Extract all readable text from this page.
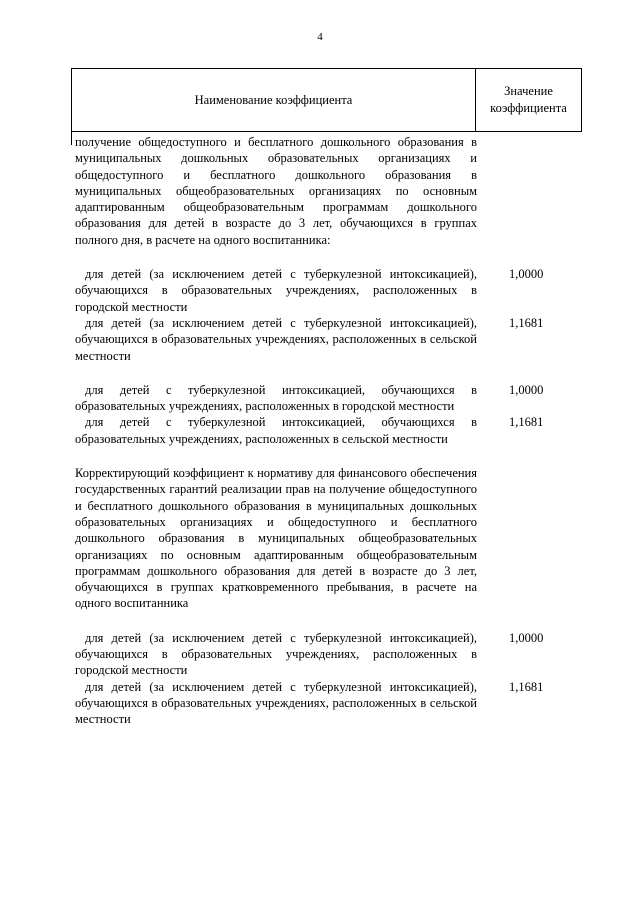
4
Наименование коэффициента
Значение
коэффициента

получение общедоступного и бесплатного дошкольного образования в муниципальных дошкольных образовательных организациях и общедоступного и бесплатного дошкольного образования в муниципальных общеобразовательных организациях по основным адаптированным общеобразовательным программам дошкольного образования для детей в возрасте до 3 лет, обучающихся в группах полного дня, в расчете на одного воспитанника:

для детей (за исключением детей с туберкулезной интоксикацией), обучающихся в образовательных учреждениях, расположенных в городской местности

1,0000

для детей (за исключением детей с туберкулезной интоксикацией), обучающихся в образовательных учреждениях, расположенных в сельской местности

1,1681

для детей с туберкулезной интоксикацией, обучающихся в образовательных учреждениях, расположенных в городской местности

1,0000

для детей с туберкулезной интоксикацией, обучающихся в образовательных учреждениях, расположенных в сельской местности

1,1681

Корректирующий коэффициент к нормативу для финансового обеспечения государственных гарантий реализации прав на получение общедоступного и бесплатного дошкольного образования в муниципальных дошкольных образовательных организациях и общедоступного и бесплатного дошкольного образования в муниципальных общеобразовательных организациях по основным адаптированным общеобразовательным программам дошкольного образования для детей в возрасте до 3 лет, обучающихся в группах кратковременного пребывания, в расчете на одного воспитанника

для детей (за исключением детей с туберкулезной интоксикацией), обучающихся в образовательных учреждениях, расположенных в городской местности

1,0000

для детей (за исключением детей с туберкулезной интоксикацией), обучающихся в образовательных учреждениях, расположенных в сельской местности

1,1681
